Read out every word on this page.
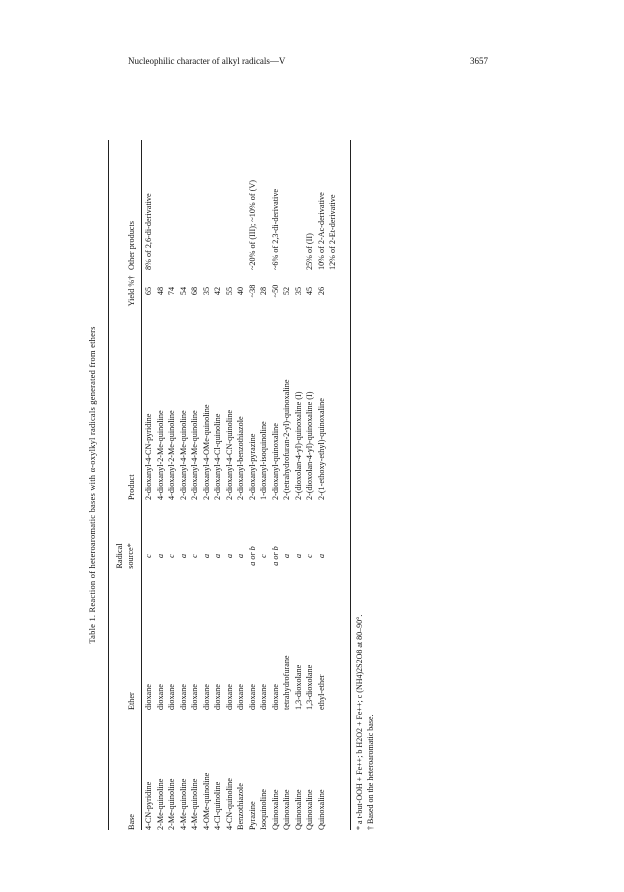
Nucleophilic character of alkyl radicals—V	3657
Table 1. Reaction of heteroaromatic bases with α-oxylkyl radicals generated from ethers
Base
Ether
Radical source*
Product
Yield %†
Other products
4-CN-pyridine
dioxane
c
2-dioxanyl-4-CN-pyridine
65
8% of 2,6-di-derivative
2-Me-quinoline
dioxane
a
4-dioxanyl-2-Me-quinoline
48
2-Me-quinoline
dioxane
c
4-dioxanyl-2-Me-quinoline
74
4-Me-quinoline
dioxane
a
2-dioxanyl-4-Me-quinoline
54
4-Me-quinoline
dioxane
c
2-dioxanyl-4-Me-quinoline
68
4-OMe-quinoline
dioxane
a
2-dioxanyl-4-OMe-quinoline
35
4-Cl-quinoline
dioxane
a
2-dioxanyl-4-Cl-quinoline
42
4-CN-quinoline
dioxane
a
2-dioxanyl-4-CN-quinoline
55
Benzothiazole
dioxane
a
2-dioxanyl-benzothiazole
40
Pyrazine
dioxane
a or b
2-dioxanyl-pyrazine
~38
~20% of (III); ~10% of (V)
Isoquinoline
dioxane
c
1-dioxanyl-isoquinoline
28
Quinoxaline
dioxane
a or b
2-dioxanyl-quinoxaline
~50
~6% of 2,3-di-derivative
Quinoxaline
tetrahydrofurane
a
2-(tetrahydrofuran-2-yl)-quinoxaline
52
Quinoxaline
1,3-dioxolane
a
2-(dioxolan-4-yl)-quinoxaline (I)
35
Quinoxaline
1,3-dioxolane
c
2-(dioxolan-4-yl)-quinoxaline (I)
45
25% of (II)
Quinoxaline
ethyl-ether
a
2-(1-ethoxy-ethyl)-quinoxaline
26
10% of 2-Ac-derivative 12% of 2-Et-derivative
* a t-but-OOH + Fe++; b H2O2 + Fe++; c (NH4)2S2O8 at 80–90°. † Based on the heteroaromatic base.
